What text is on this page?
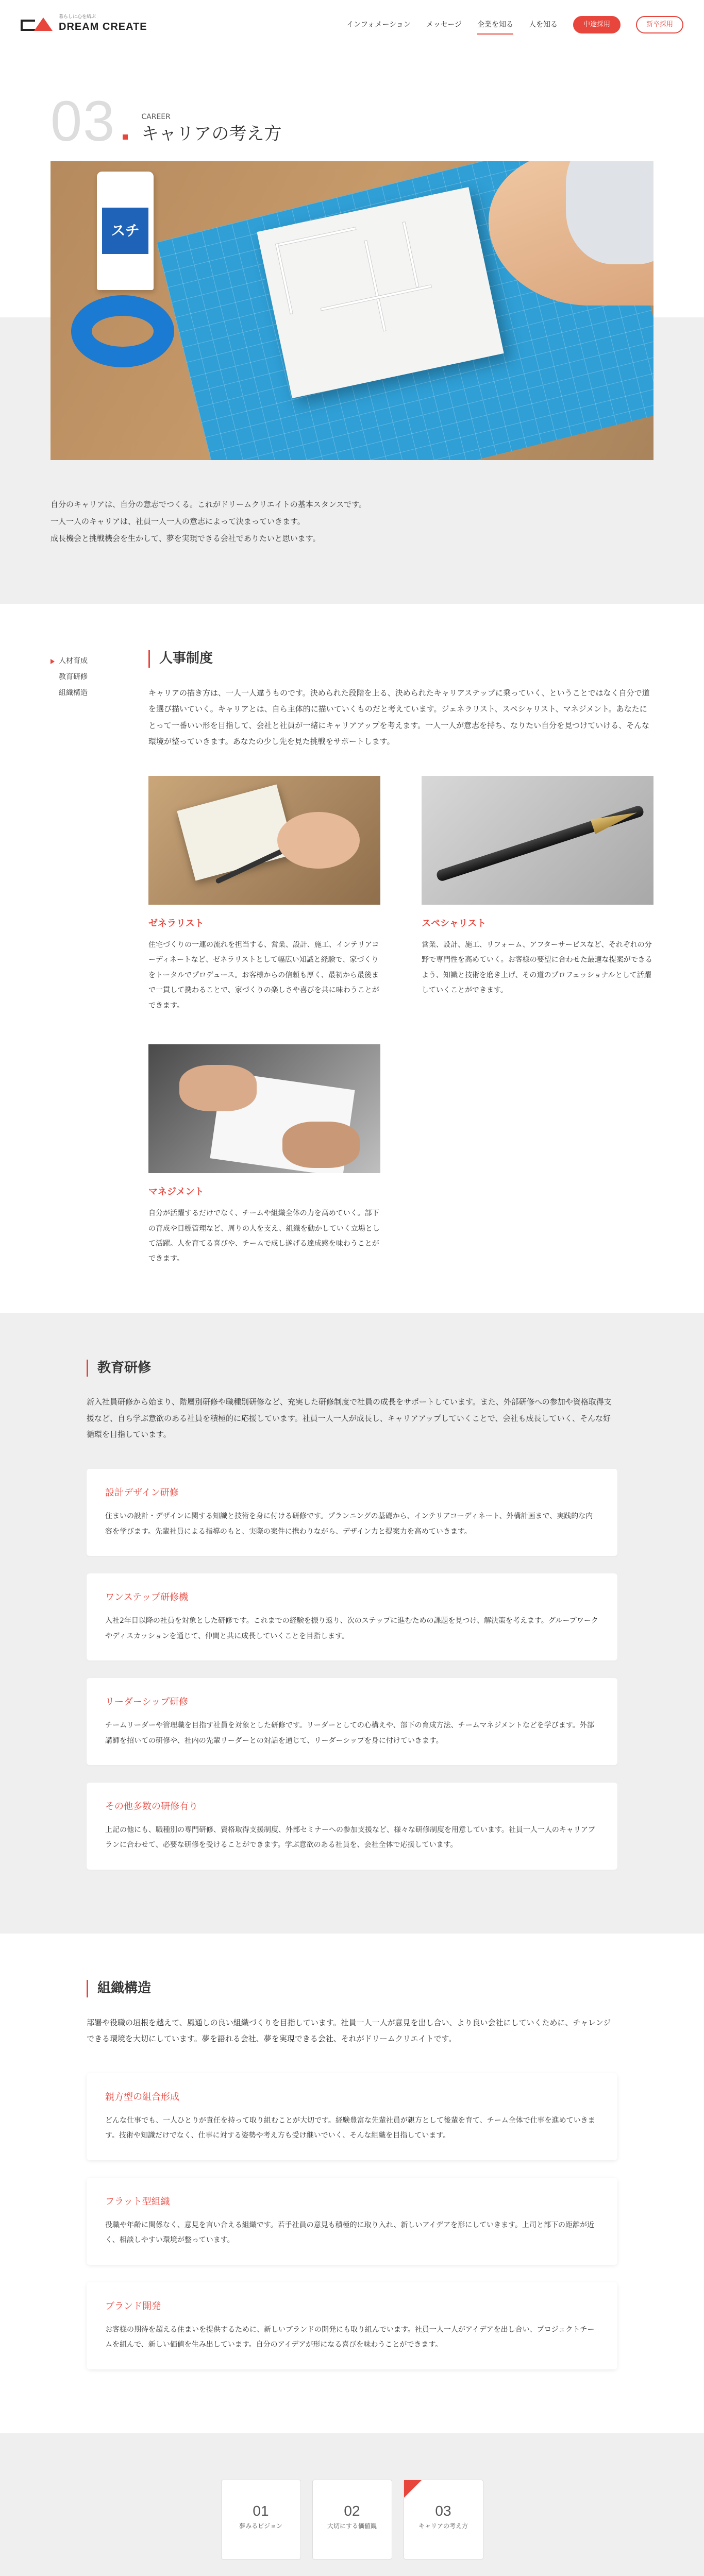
暮らしに心を結ぶ
DREAM CREATE	インフォメーション メッセージ 企業を知る 人を知る	中途採用	新卒採用
03	CAREER
キャリアの考え方
スチ 250

自分のキャリアは、自分の意志でつくる。これがドリームクリエイトの基本スタンスです。

一人一人のキャリアは、社員一人一人の意志によって決まっていきます。

成長機会と挑戦機会を生かして、夢を実現できる会社でありたいと思います。

人材育成
教育研修
組織構造
人事制度

キャリアの描き方は、一人一人違うものです。決められた段階を上る、決められたキャリアステップに乗っていく、ということではなく自分で道を選び描いていく。キャリアとは、自ら主体的に描いていくものだと考えています。ジェネラリスト、スペシャリスト、マネジメント。あなたにとって一番いい形を目指して、会社と社員が一緒にキャリアアップを考えます。一人一人が意志を持ち、なりたい自分を見つけていける、そんな環境が整っていきます。あなたの少し先を見た挑戦をサポートします。

ゼネラリスト

住宅づくりの一連の流れを担当する、営業、設計、施工、インテリアコーディネートなど、ゼネラリストとして幅広い知識と経験で、家づくりをトータルでプロデュース。お客様からの信頼も厚く、最初から最後まで一貫して携わることで、家づくりの楽しさや喜びを共に味わうことができます。

スペシャリスト

営業、設計、施工、リフォーム、アフターサービスなど、それぞれの分野で専門性を高めていく。お客様の要望に合わせた最適な提案ができるよう、知識と技術を磨き上げ、その道のプロフェッショナルとして活躍していくことができます。

マネジメント

自分が活躍するだけでなく、チームや組織全体の力を高めていく。部下の育成や目標管理など、周りの人を支え、組織を動かしていく立場として活躍。人を育てる喜びや、チームで成し遂げる達成感を味わうことができます。

教育研修

新入社員研修から始まり、階層別研修や職種別研修など、充実した研修制度で社員の成長をサポートしています。また、外部研修への参加や資格取得支援など、自ら学ぶ意欲のある社員を積極的に応援しています。社員一人一人が成長し、キャリアアップしていくことで、会社も成長していく、そんな好循環を目指しています。

設計デザイン研修

住まいの設計・デザインに関する知識と技術を身に付ける研修です。プランニングの基礎から、インテリアコーディネート、外構計画まで、実践的な内容を学びます。先輩社員による指導のもと、実際の案件に携わりながら、デザイン力と提案力を高めていきます。

ワンステップ研修機

入社2年目以降の社員を対象とした研修です。これまでの経験を振り返り、次のステップに進むための課題を見つけ、解決策を考えます。グループワークやディスカッションを通じて、仲間と共に成長していくことを目指します。

リーダーシップ研修

チームリーダーや管理職を目指す社員を対象とした研修です。リーダーとしての心構えや、部下の育成方法、チームマネジメントなどを学びます。外部講師を招いての研修や、社内の先輩リーダーとの対話を通じて、リーダーシップを身に付けていきます。

その他多数の研修有り

上記の他にも、職種別の専門研修、資格取得支援制度、外部セミナーへの参加支援など、様々な研修制度を用意しています。社員一人一人のキャリアプランに合わせて、必要な研修を受けることができます。学ぶ意欲のある社員を、会社全体で応援しています。

組織構造

部署や役職の垣根を越えて、風通しの良い組織づくりを目指しています。社員一人一人が意見を出し合い、より良い会社にしていくために、チャレンジできる環境を大切にしています。夢を語れる会社、夢を実現できる会社、それがドリームクリエイトです。

親方型の組合形成

どんな仕事でも、一人ひとりが責任を持って取り組むことが大切です。経験豊富な先輩社員が親方として後輩を育て、チーム全体で仕事を進めていきます。技術や知識だけでなく、仕事に対する姿勢や考え方も受け継いでいく、そんな組織を目指しています。

フラット型組織

役職や年齢に関係なく、意見を言い合える組織です。若手社員の意見も積極的に取り入れ、新しいアイデアを形にしていきます。上司と部下の距離が近く、相談しやすい環境が整っています。

ブランド開発

お客様の期待を超える住まいを提供するために、新しいブランドの開発にも取り組んでいます。社員一人一人がアイデアを出し合い、プロジェクトチームを組んで、新しい価値を生み出しています。自分のアイデアが形になる喜びを味わうことができます。

01
夢みるビジョン
02
大切にする価値観
03
キャリアの考え方
